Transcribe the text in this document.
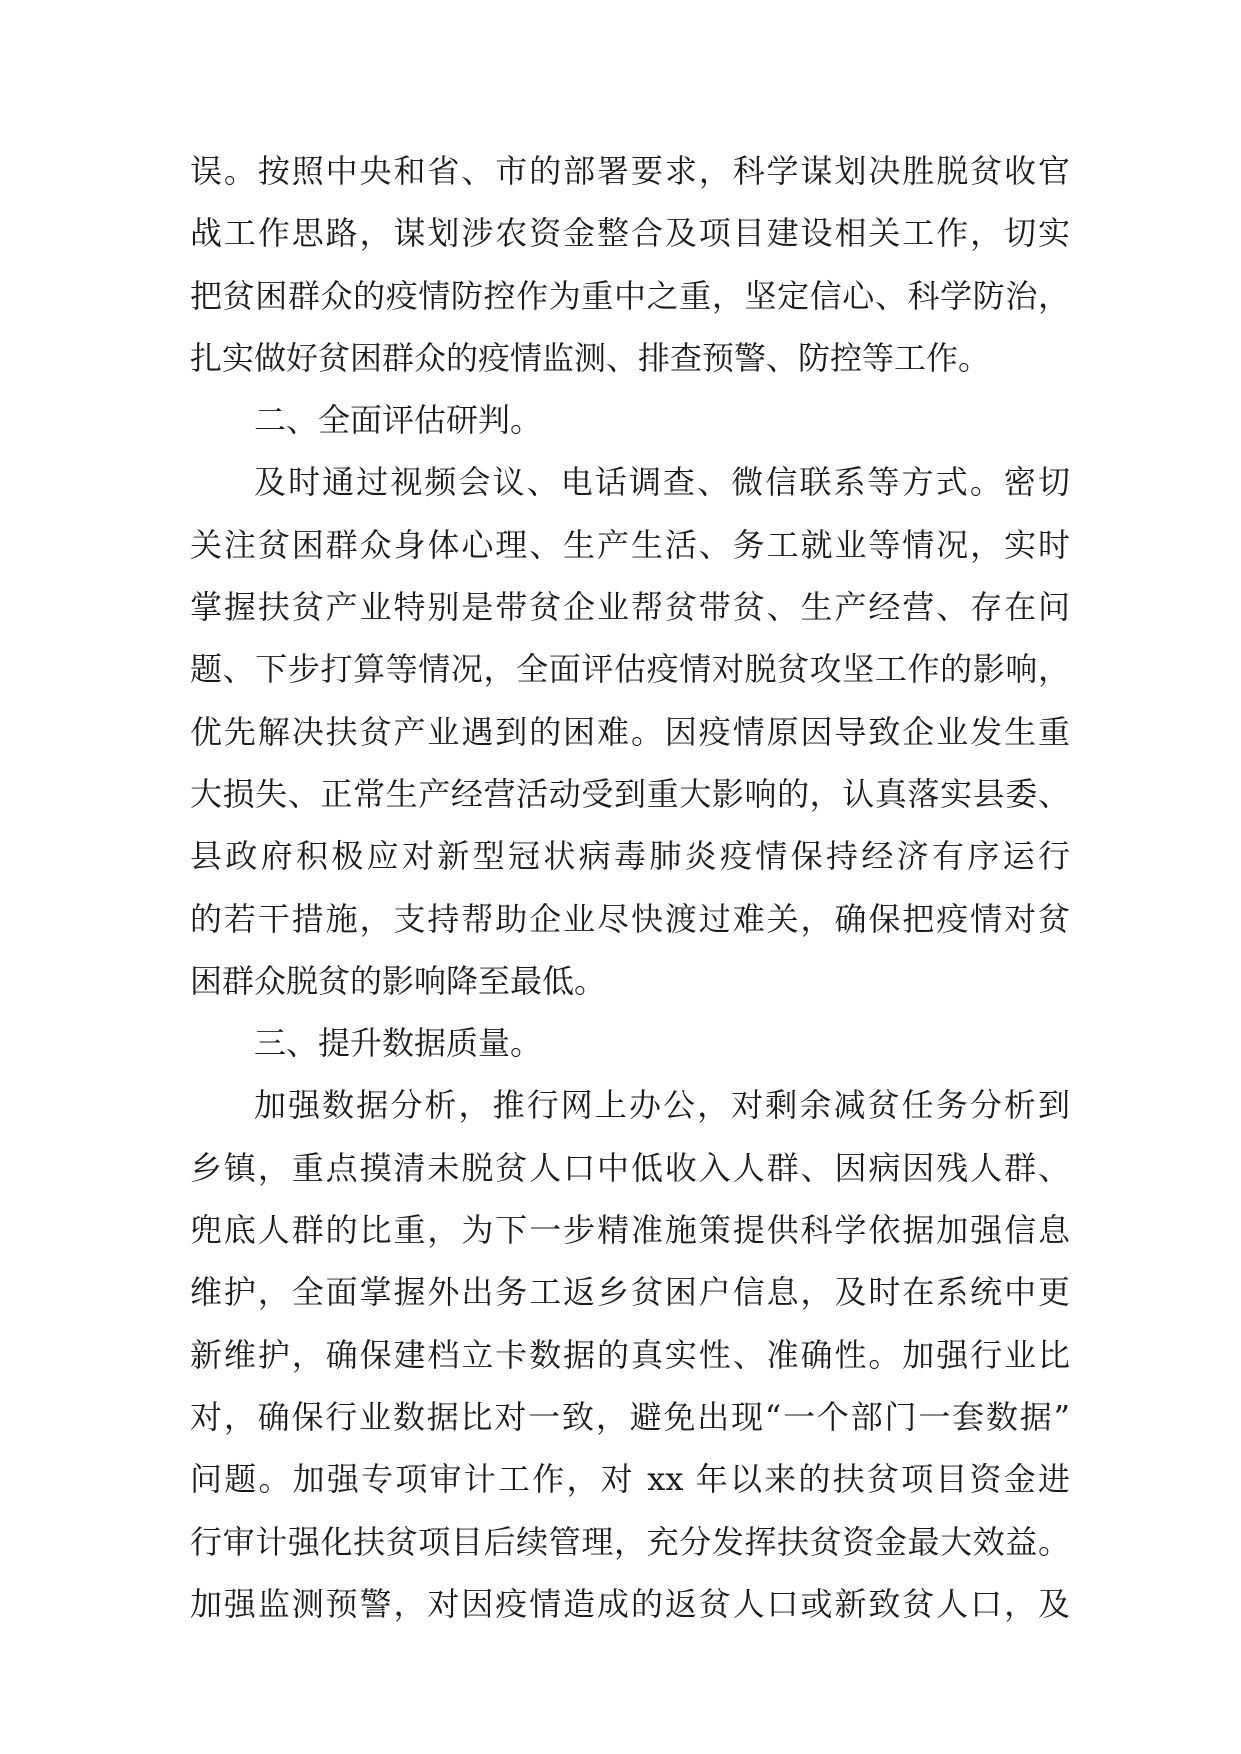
误。按照中央和省、市的部署要求，科学谋划决胜脱贫收官
战工作思路，谋划涉农资金整合及项目建设相关工作，切实
把贫困群众的疫情防控作为重中之重，坚定信心、科学防治，
扎实做好贫困群众的疫情监测、排查预警、防控等工作。
二、全面评估研判。
及时通过视频会议、电话调查、微信联系等方式。密切
关注贫困群众身体心理、生产生活、务工就业等情况，实时
掌握扶贫产业特别是带贫企业帮贫带贫、生产经营、存在问
题、下步打算等情况，全面评估疫情对脱贫攻坚工作的影响，
优先解决扶贫产业遇到的困难。因疫情原因导致企业发生重
大损失、正常生产经营活动受到重大影响的，认真落实县委、
县政府积极应对新型冠状病毒肺炎疫情保持经济有序运行
的若干措施，支持帮助企业尽快渡过难关，确保把疫情对贫
困群众脱贫的影响降至最低。
三、提升数据质量。
加强数据分析，推行网上办公，对剩余减贫任务分析到
乡镇，重点摸清未脱贫人口中低收入人群、因病因残人群、
兜底人群的比重，为下一步精准施策提供科学依据加强信息
维护，全面掌握外出务工返乡贫困户信息，及时在系统中更
新维护，确保建档立卡数据的真实性、准确性。加强行业比
对，确保行业数据比对一致，避免出现“一个部门一套数据”
问题。加强专项审计工作，对 xx 年以来的扶贫项目资金进
行审计强化扶贫项目后续管理，充分发挥扶贫资金最大效益。
加强监测预警，对因疫情造成的返贫人口或新致贫人口，及
